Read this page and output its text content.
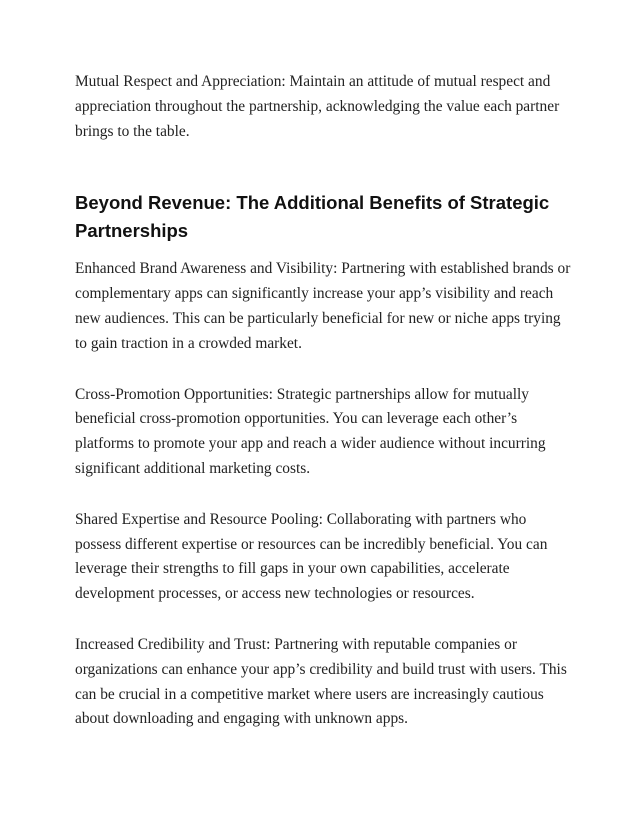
Mutual Respect and Appreciation: Maintain an attitude of mutual respect and appreciation throughout the partnership, acknowledging the value each partner brings to the table.

Beyond Revenue: The Additional Benefits of Strategic Partnerships

Enhanced Brand Awareness and Visibility: Partnering with established brands or complementary apps can significantly increase your app’s visibility and reach new audiences. This can be particularly beneficial for new or niche apps trying to gain traction in a crowded market.

Cross-Promotion Opportunities: Strategic partnerships allow for mutually beneficial cross-promotion opportunities. You can leverage each other’s platforms to promote your app and reach a wider audience without incurring significant additional marketing costs.

Shared Expertise and Resource Pooling: Collaborating with partners who possess different expertise or resources can be incredibly beneficial. You can leverage their strengths to fill gaps in your own capabilities, accelerate development processes, or access new technologies or resources.

Increased Credibility and Trust: Partnering with reputable companies or organizations can enhance your app’s credibility and build trust with users. This can be crucial in a competitive market where users are increasingly cautious about downloading and engaging with unknown apps.
